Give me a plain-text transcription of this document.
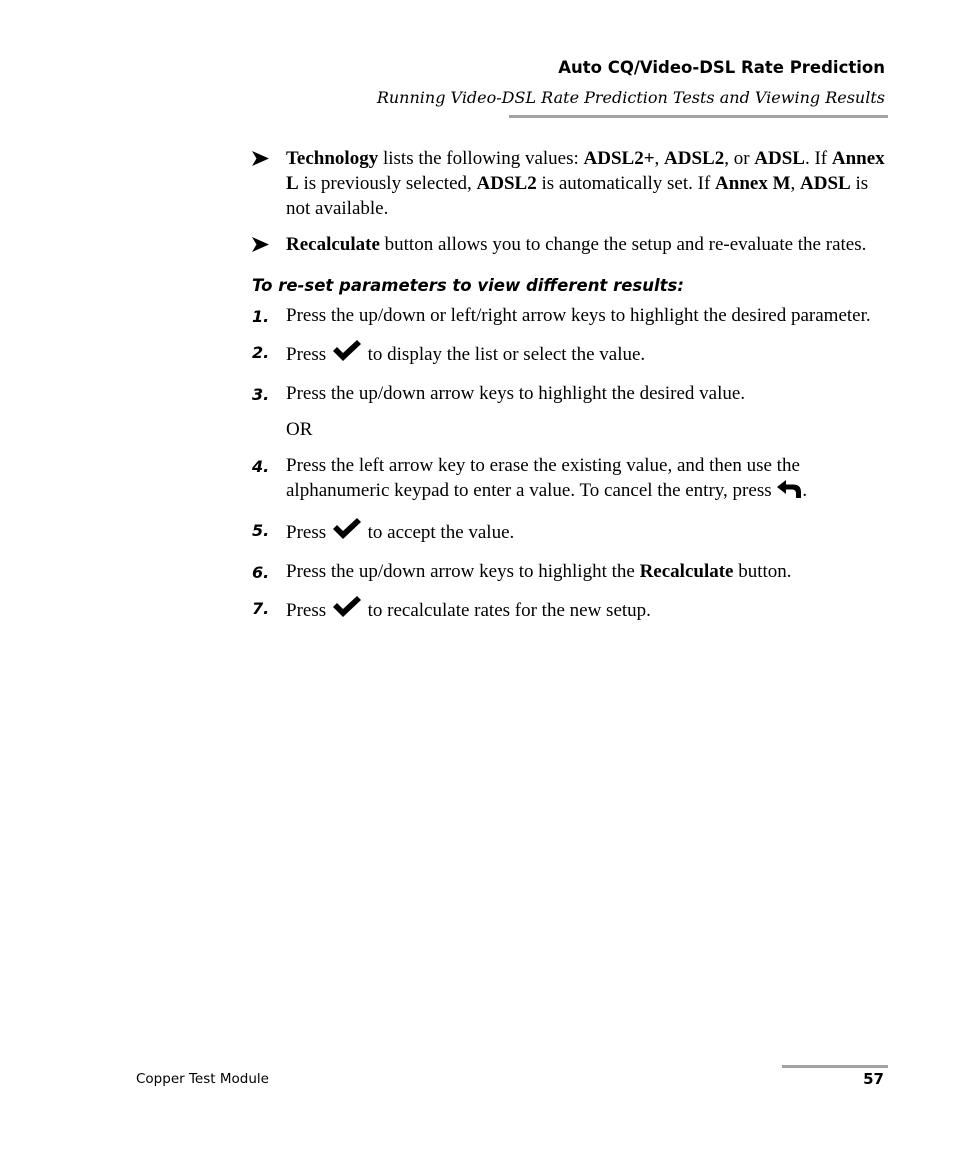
Auto CQ/Video-DSL Rate Prediction
Running Video-DSL Rate Prediction Tests and Viewing Results
Technology lists the following values: ADSL2+, ADSL2, or ADSL. If Annex L is previously selected, ADSL2 is automatically set. If Annex M, ADSL is not available.
Recalculate button allows you to change the setup and re-evaluate the rates.
To re-set parameters to view different results:
1. Press the up/down or left/right arrow keys to highlight the desired parameter.
2. Press  to display the list or select the value.
3. Press the up/down arrow keys to highlight the desired value.
OR
4. Press the left arrow key to erase the existing value, and then use the alphanumeric keypad to enter a value. To cancel the entry, press .
5. Press  to accept the value.
6. Press the up/down arrow keys to highlight the Recalculate button.
7. Press  to recalculate rates for the new setup.
Copper Test Module	57
